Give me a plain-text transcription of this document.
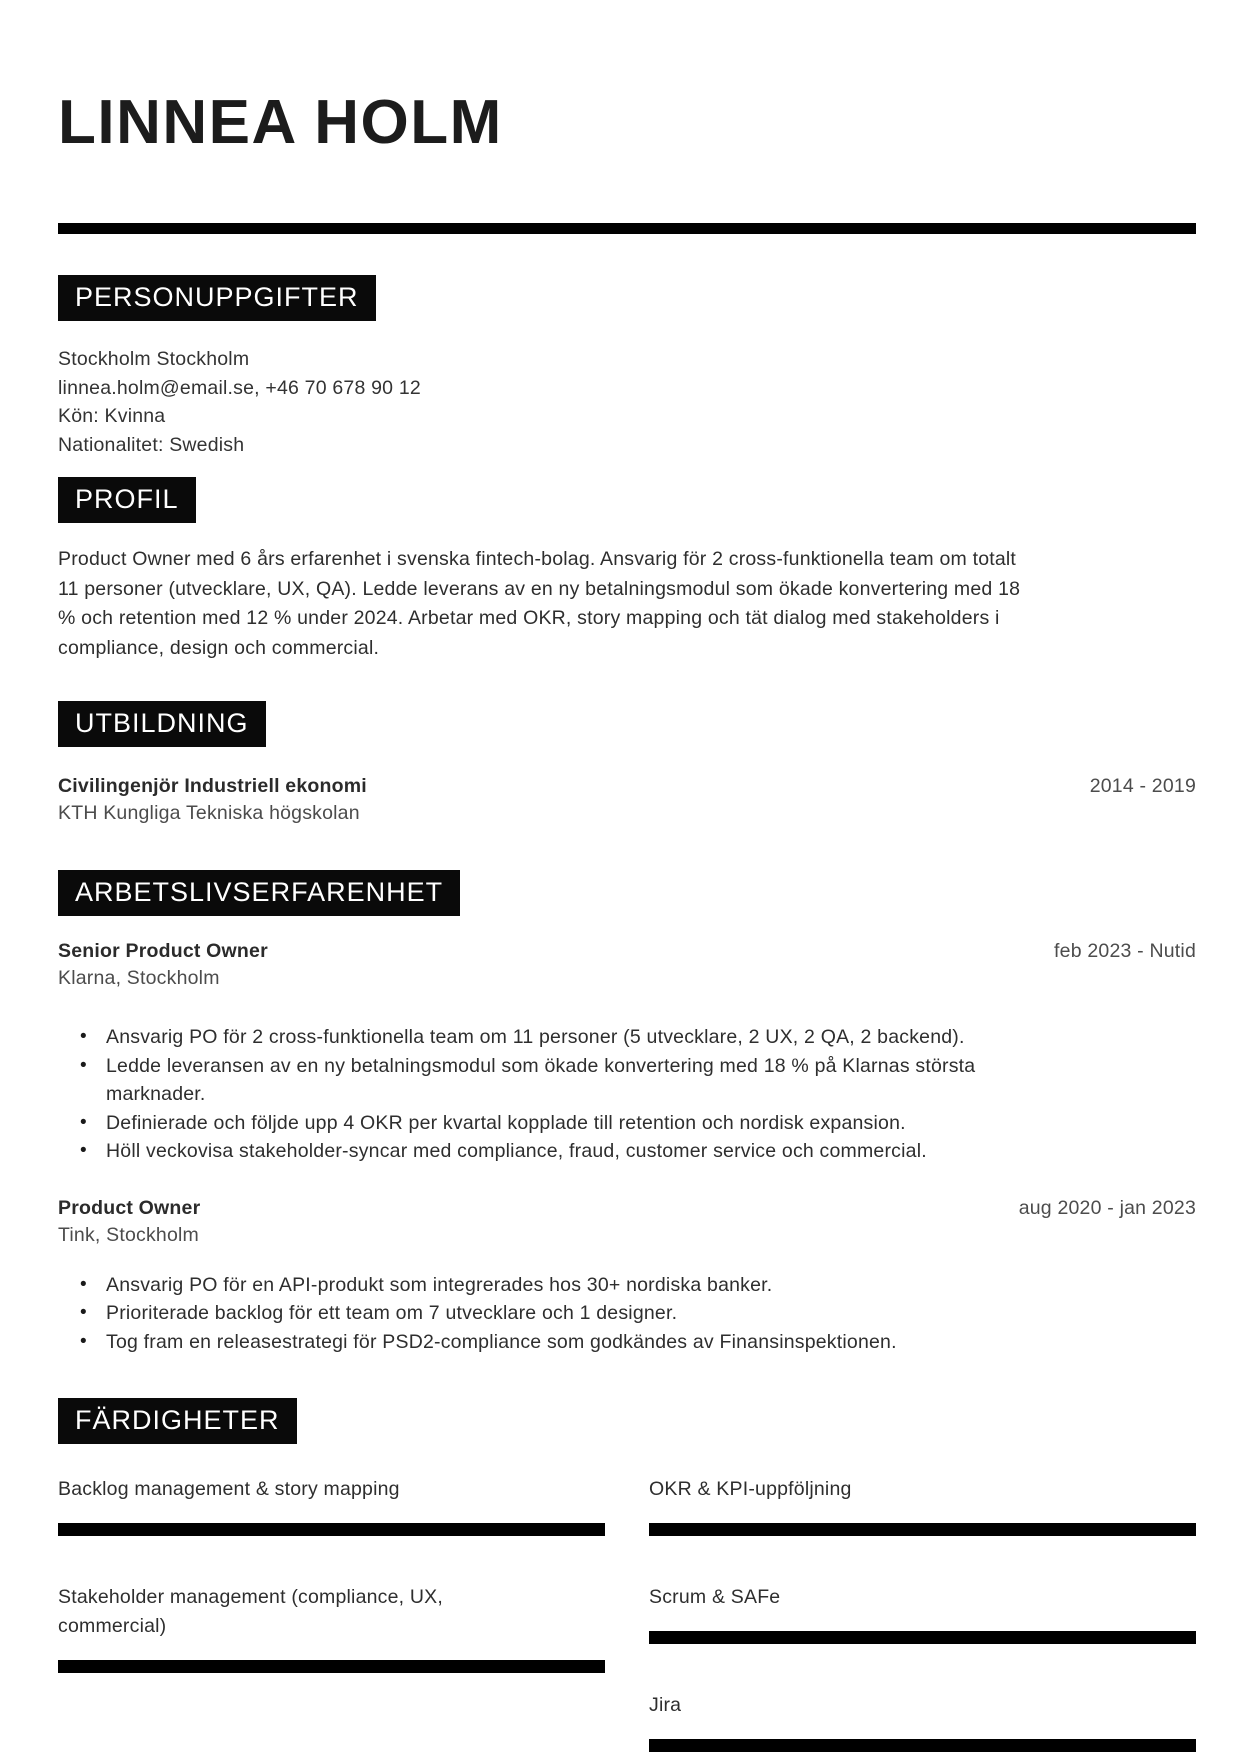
LINNEA HOLM
PERSONUPPGIFTER
Stockholm Stockholm
linnea.holm@email.se, +46 70 678 90 12
Kön: Kvinna
Nationalitet: Swedish
PROFIL

Product Owner med 6 års erfarenhet i svenska fintech-bolag. Ansvarig för 2 cross-funktionella team om totalt 11 personer (utvecklare, UX, QA). Ledde leverans av en ny betalningsmodul som ökade konvertering med 18 % och retention med 12 % under 2024. Arbetar med OKR, story mapping och tät dialog med stakeholders i compliance, design och commercial.

UTBILDNING
Civilingenjör Industriell ekonomi	2014 - 2019
KTH Kungliga Tekniska högskolan
ARBETSLIVSERFARENHET
Senior Product Owner	feb 2023 - Nutid
Klarna, Stockholm
• Ansvarig PO för 2 cross-funktionella team om 11 personer (5 utvecklare, 2 UX, 2 QA, 2 backend).
• Ledde leveransen av en ny betalningsmodul som ökade konvertering med 18 % på Klarnas största marknader.
• Definierade och följde upp 4 OKR per kvartal kopplade till retention och nordisk expansion.
• Höll veckovisa stakeholder-syncar med compliance, fraud, customer service och commercial.
Product Owner	aug 2020 - jan 2023
Tink, Stockholm
• Ansvarig PO för en API-produkt som integrerades hos 30+ nordiska banker.
• Prioriterade backlog för ett team om 7 utvecklare och 1 designer.
• Tog fram en releasestrategi för PSD2-compliance som godkändes av Finansinspektionen.
FÄRDIGHETER
Backlog management & story mapping
Stakeholder management (compliance, UX, commercial)
OKR & KPI-uppföljning
Scrum & SAFe
Jira
